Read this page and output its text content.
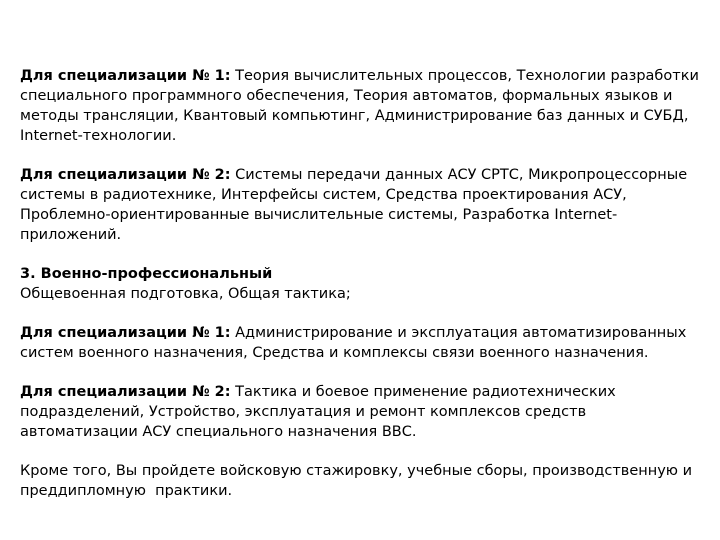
Для специализации № 1: Теория вычислительных процессов, Технологии разработки специального программного обеспечения, Теория автоматов, формальных языков и методы трансляции, Квантовый компьютинг, Администрирование баз данных и СУБД, Internet-технологии.

Для специализации № 2: Системы передачи данных АСУ СРТС, Микропроцессорные системы в радиотехнике, Интерфейсы систем, Средства проектирования АСУ, Проблемно-ориентированные вычислительные системы, Разработка Internet-приложений.

3. Военно-профессиональный
Общевоенная подготовка, Общая тактика;

Для специализации № 1: Администрирование и эксплуатация автоматизированных систем военного назначения, Средства и комплексы связи военного назначения.

Для специализации № 2: Тактика и боевое применение радиотехнических подразделений, Устройство, эксплуатация и ремонт комплексов средств автоматизации АСУ специального назначения ВВС.

Кроме того, Вы пройдете войсковую стажировку, учебные сборы, производственную и преддипломную  практики.
